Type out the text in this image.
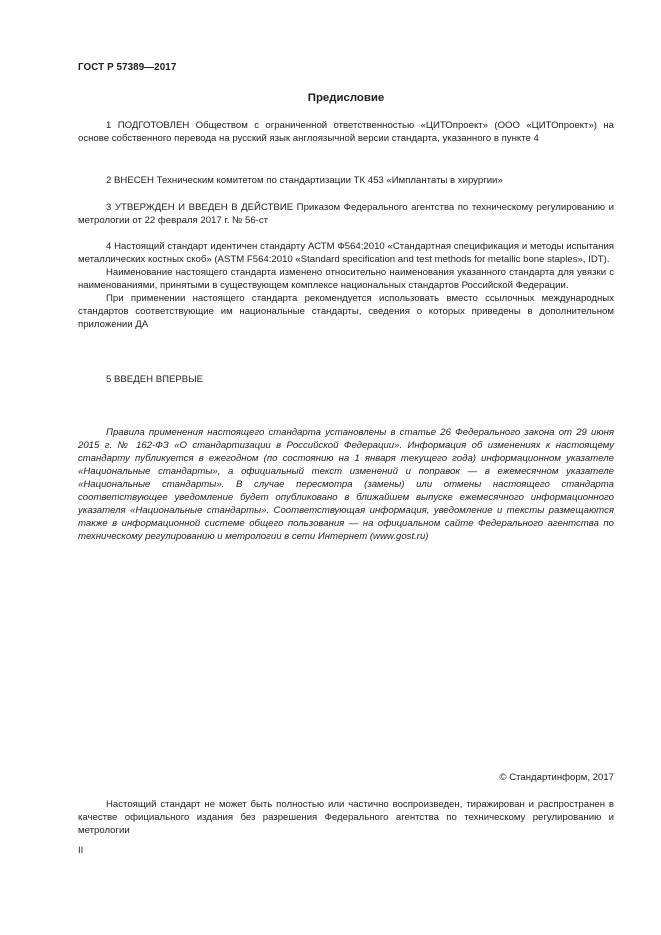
ГОСТ Р 57389—2017
Предисловие

1 ПОДГОТОВЛЕН Обществом с ограниченной ответственностью «ЦИТОпроект» (ООО «ЦИТОпроект») на основе собственного перевода на русский язык англоязычной версии стандарта, указанного в пункте 4

2 ВНЕСЕН Техническим комитетом по стандартизации ТК 453 «Имплантаты в хирургии»

3 УТВЕРЖДЕН И ВВЕДЕН В ДЕЙСТВИЕ Приказом Федерального агентства по техническому регулированию и метрологии от 22 февраля 2017 г. № 56-ст

4 Настоящий стандарт идентичен стандарту АСТМ Ф564:2010 «Стандартная спецификация и методы испытания металлических костных скоб» (ASTM F564:2010 «Standard specification and test methods for metallic bone staples», IDT).

Наименование настоящего стандарта изменено относительно наименования указанного стандарта для увязки с наименованиями, принятыми в существующем комплексе национальных стандартов Российской Федерации.

При применении настоящего стандарта рекомендуется использовать вместо ссылочных международных стандартов соответствующие им национальные стандарты, сведения о которых приведены в дополнительном приложении ДА

5 ВВЕДЕН ВПЕРВЫЕ

Правила применения настоящего стандарта установлены в статье 26 Федерального закона от 29 июня 2015 г. № 162-ФЗ «О стандартизации в Российской Федерации». Информация об изменениях к настоящему стандарту публикуется в ежегодном (по состоянию на 1 января текущего года) информационном указателе «Национальные стандарты», а официальный текст изменений и поправок — в ежемесячном указателе «Национальные стандарты». В случае пересмотра (замены) или отмены настоящего стандарта соответствующее уведомление будет опубликовано в ближайшем выпуске ежемесячного информационного указателя «Национальные стандарты». Соответствующая информация, уведомление и тексты размещаются также в информационной системе общего пользования — на официальном сайте Федерального агентства по техническому регулированию и метрологии в сети Интернет (www.gost.ru)

© Стандартинформ, 2017

Настоящий стандарт не может быть полностью или частично воспроизведен, тиражирован и распространен в качестве официального издания без разрешения Федерального агентства по техническому регулированию и метрологии

II
